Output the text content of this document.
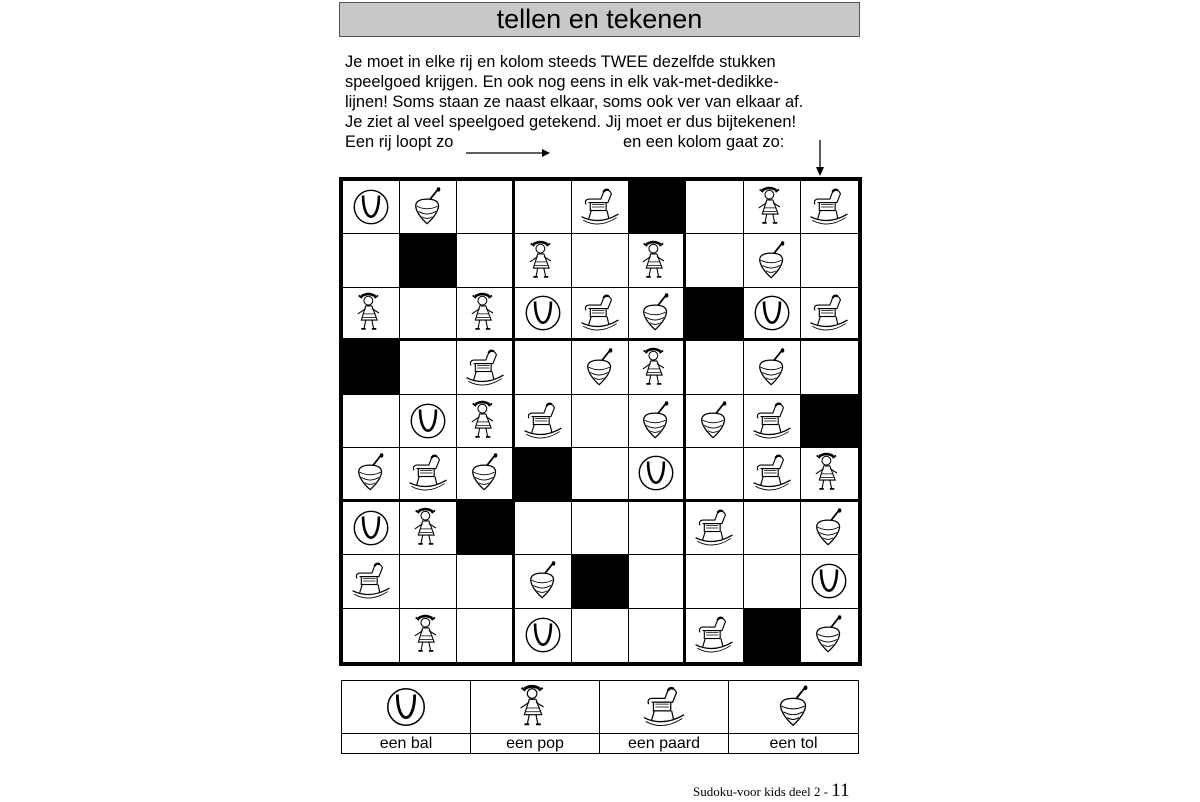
tellen en tekenen

Je moet in elke rij en kolom steeds TWEE dezelfde stukken

speelgoed krijgen. En ook nog eens in elk vak-met-dedikke-

lijnen! Soms staan ze naast elkaar, soms ook ver van elkaar af.

Je ziet al veel speelgoed getekend. Jij moet er dus bijtekenen!

Een rij loopt zo	en een kolom gaat zo:
een bal	een pop	een paard	een tol
Sudoku-voor kids deel 2 - 11
